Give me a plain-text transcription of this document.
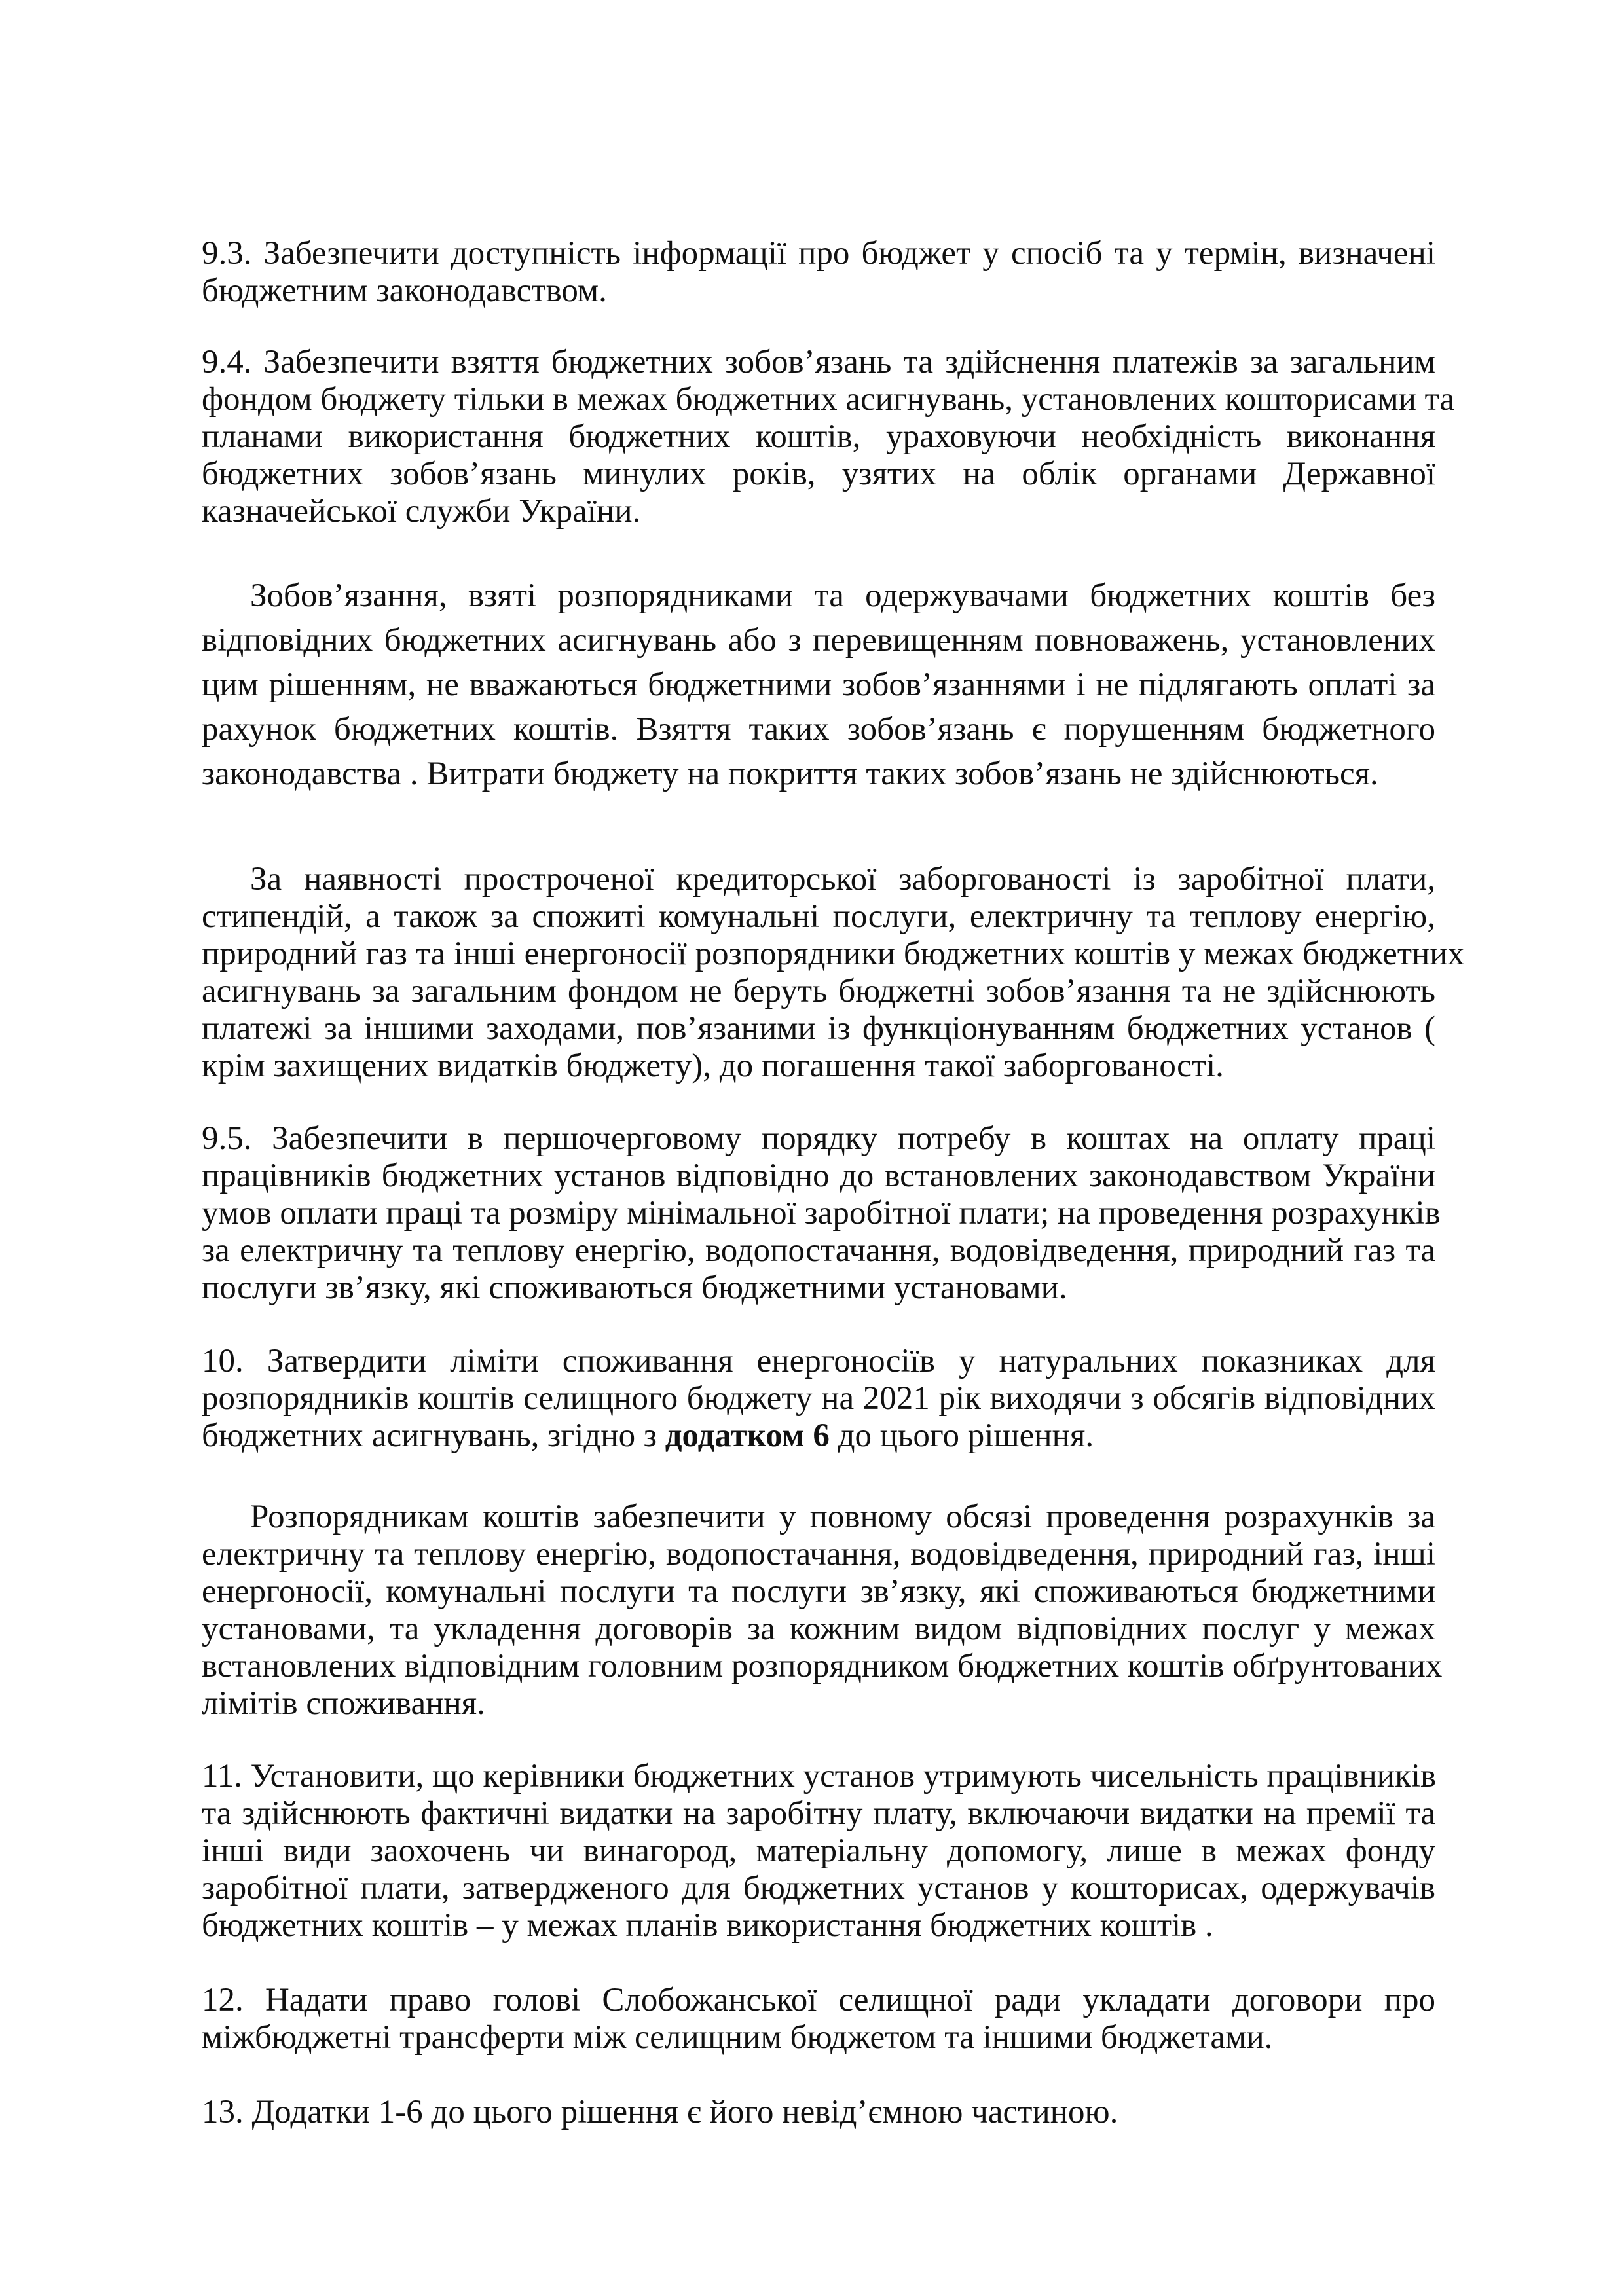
9.3. Забезпечити доступність інформації про бюджет у спосіб та у термін, визначені
бюджетним законодавством.
9.4. Забезпечити взяття бюджетних зобов’язань та здійснення платежів за загальним
фондом бюджету тільки в межах бюджетних асигнувань, установлених кошторисами та
планами використання бюджетних коштів, ураховуючи необхідність виконання
бюджетних зобов’язань минулих років, узятих на облік органами Державної
казначейської служби України.
Зобов’язання, взяті розпорядниками та одержувачами бюджетних коштів без
відповідних бюджетних асигнувань або з перевищенням повноважень, установлених
цим рішенням, не вважаються бюджетними зобов’язаннями і не підлягають оплаті за
рахунок бюджетних коштів. Взяття таких зобов’язань є порушенням бюджетного
законодавства . Витрати бюджету на покриття таких зобов’язань не здійснюються.
За наявності простроченої кредиторської заборгованості із заробітної плати,
стипендій, а також за спожиті комунальні послуги, електричну та теплову енергію,
природний газ та інші енергоносії розпорядники бюджетних коштів у межах бюджетних
асигнувань за загальним фондом не беруть бюджетні зобов’язання та не здійснюють
платежі за іншими заходами, пов’язаними із функціонуванням бюджетних установ (
крім захищених видатків бюджету), до погашення такої заборгованості.
9.5. Забезпечити в першочерговому порядку потребу в коштах на оплату праці
працівників бюджетних установ відповідно до встановлених законодавством України
умов оплати праці та розміру мінімальної заробітної плати; на проведення розрахунків
за електричну та теплову енергію, водопостачання, водовідведення, природний газ та
послуги зв’язку, які споживаються бюджетними установами.
10. Затвердити ліміти споживання енергоносіїв у натуральних показниках для
розпорядників коштів селищного бюджету на 2021 рік виходячи з обсягів відповідних
бюджетних асигнувань, згідно з додатком 6 до цього рішення.
Розпорядникам коштів забезпечити у повному обсязі проведення розрахунків за
електричну та теплову енергію, водопостачання, водовідведення, природний газ, інші
енергоносії, комунальні послуги та послуги зв’язку, які споживаються бюджетними
установами, та укладення договорів за кожним видом відповідних послуг у межах
встановлених відповідним головним розпорядником бюджетних коштів обґрунтованих
лімітів споживання.
11. Установити, що керівники бюджетних установ утримують чисельність працівників
та здійснюють фактичні видатки на заробітну плату, включаючи видатки на премії та
інші види заохочень чи винагород, матеріальну допомогу, лише в межах фонду
заробітної плати, затвердженого для бюджетних установ у кошторисах, одержувачів
бюджетних коштів – у межах планів використання бюджетних коштів .
12. Надати право голові Слобожанської селищної ради укладати договори про
міжбюджетні трансферти між селищним бюджетом та іншими бюджетами.
13. Додатки 1-6 до цього рішення є його невід’ємною частиною.
